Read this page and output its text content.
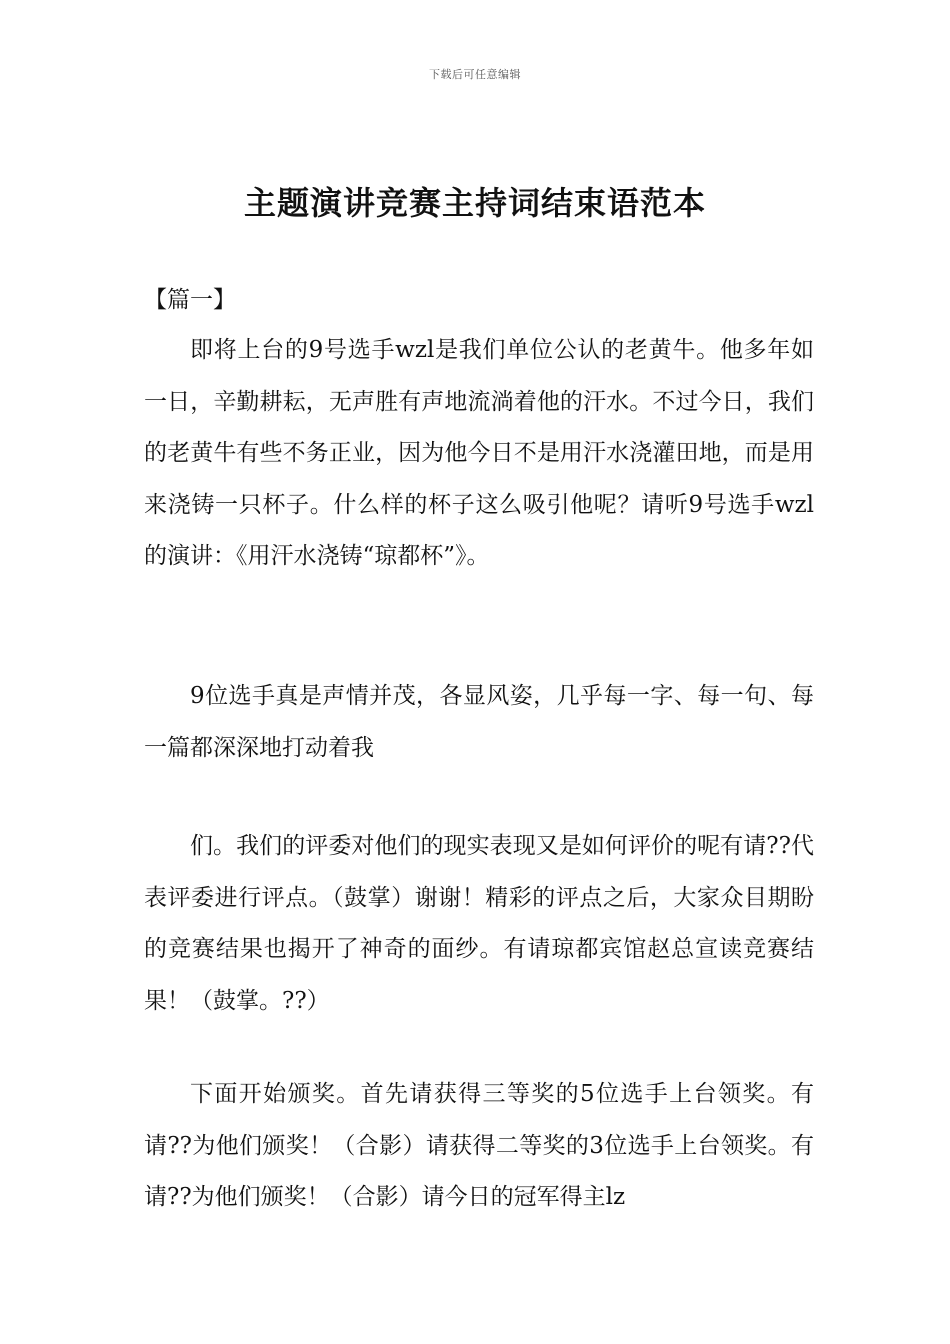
下载后可任意编辑
主题演讲竞赛主持词结束语范本
【篇一】

即将上台的9号选手wzl是我们单位公认的老黄牛。他多年如一日，辛勤耕耘，无声胜有声地流淌着他的汗水。不过今日，我们的老黄牛有些不务正业，因为他今日不是用汗水浇灌田地，而是用来浇铸一只杯子。什么样的杯子这么吸引他呢？请听9号选手wzl的演讲：《用汗水浇铸“琼都杯”》。

9位选手真是声情并茂，各显风姿，几乎每一字、每一句、每一篇都深深地打动着我

们。我们的评委对他们的现实表现又是如何评价的呢有请??代表评委进行评点。（鼓掌）谢谢！精彩的评点之后，大家众目期盼的竞赛结果也揭开了神奇的面纱。有请琼都宾馆赵总宣读竞赛结果！（鼓掌。??）

下面开始颁奖。首先请获得三等奖的5位选手上台领奖。有请??为他们颁奖！（合影）请获得二等奖的3位选手上台领奖。有请??为他们颁奖！（合影）请今日的冠军得主lz
